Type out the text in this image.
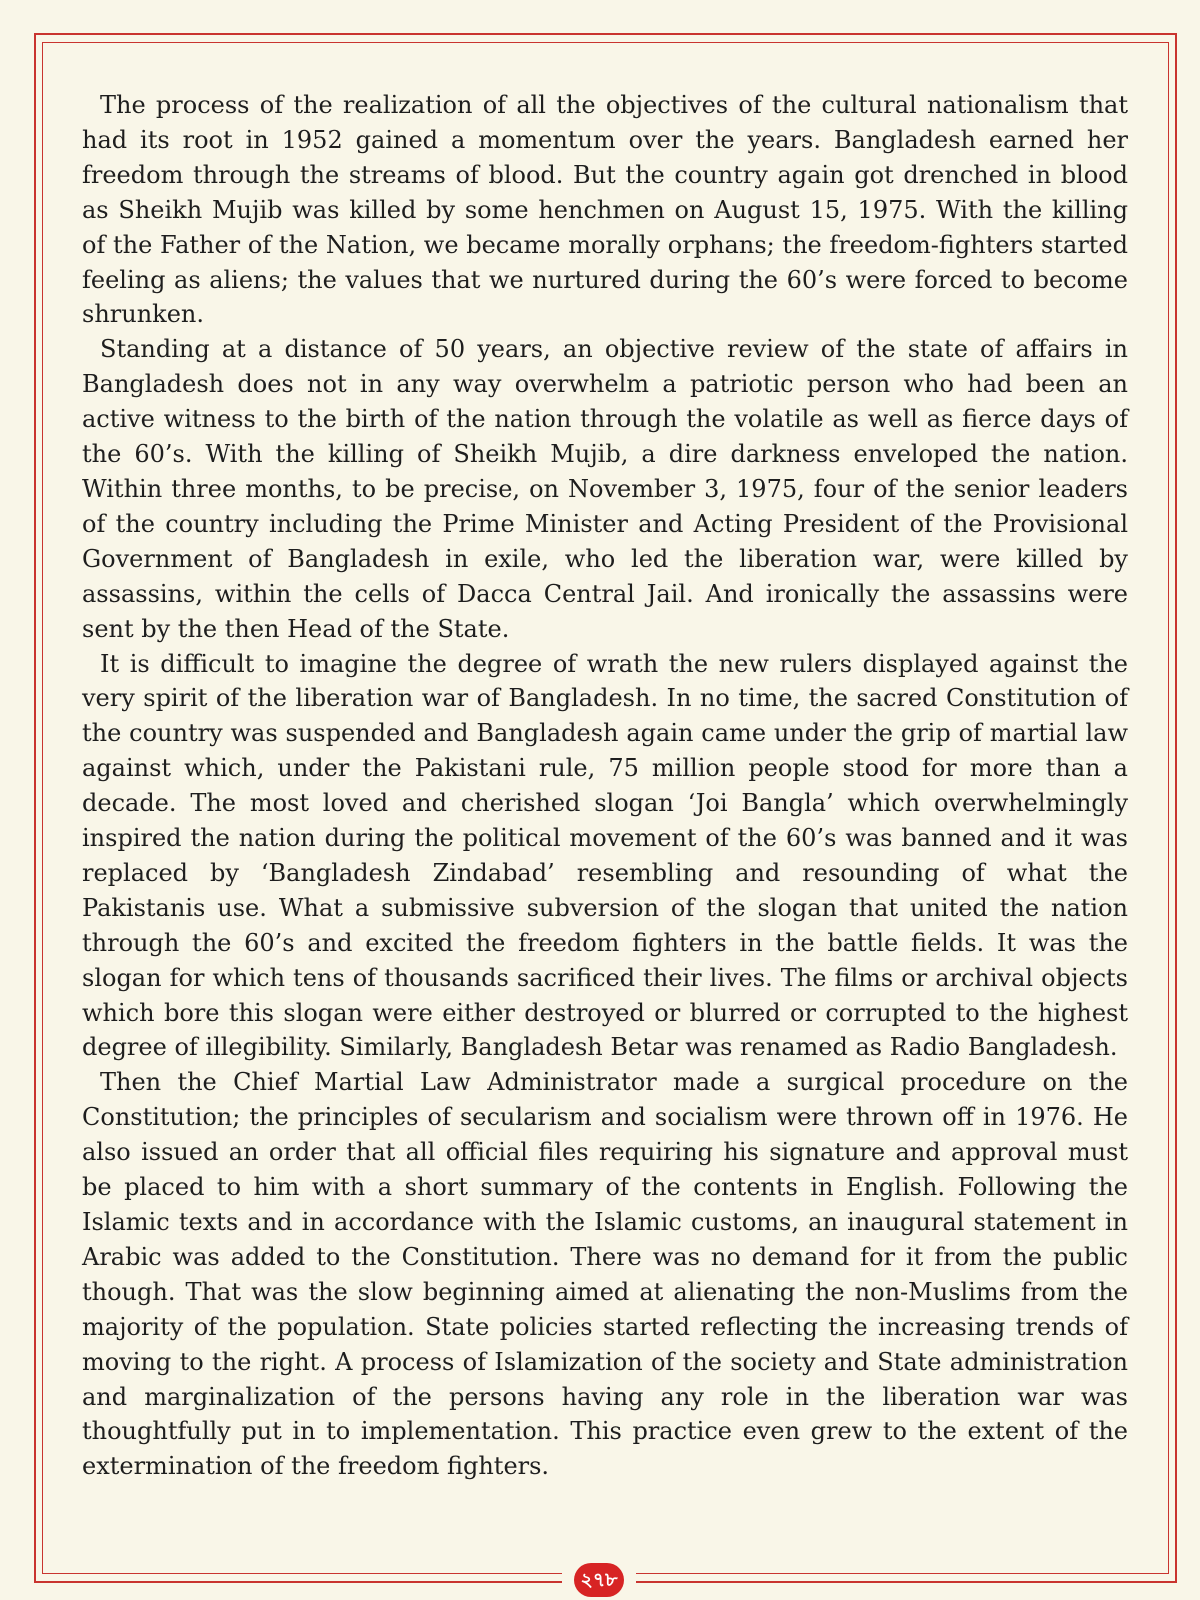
The process of the realization of all the objectives of the cultural nationalism that had its root in 1952 gained a momentum over the years. Bangladesh earned her freedom through the streams of blood. But the country again got drenched in blood as Sheikh Mujib was killed by some henchmen on August 15, 1975. With the killing of the Father of the Nation, we became morally orphans; the freedom-fighters started feeling as aliens; the values that we nurtured during the 60’s were forced to become shrunken.

Standing at a distance of 50 years, an objective review of the state of affairs in Bangladesh does not in any way overwhelm a patriotic person who had been an active witness to the birth of the nation through the volatile as well as fierce days of the 60’s. With the killing of Sheikh Mujib, a dire darkness enveloped the nation. Within three months, to be precise, on November 3, 1975, four of the senior leaders of the country including the Prime Minister and Acting President of the Provisional Government of Bangladesh in exile, who led the liberation war, were killed by assassins, within the cells of Dacca Central Jail. And ironically the assassins were sent by the then Head of the State.

It is difficult to imagine the degree of wrath the new rulers displayed against the very spirit of the liberation war of Bangladesh. In no time, the sacred Constitution of the country was suspended and Bangladesh again came under the grip of martial law against which, under the Pakistani rule, 75 million people stood for more than a decade. The most loved and cherished slogan ‘Joi Bangla’ which overwhelmingly inspired the nation during the political movement of the 60’s was banned and it was replaced by ‘Bangladesh Zindabad’ resembling and resounding of what the Pakistanis use. What a submissive subversion of the slogan that united the nation through the 60’s and excited the freedom fighters in the battle fields. It was the slogan for which tens of thousands sacrificed their lives. The films or archival objects which bore this slogan were either destroyed or blurred or corrupted to the highest degree of illegibility. Similarly, Bangladesh Betar was renamed as Radio Bangladesh.

Then the Chief Martial Law Administrator made a surgical procedure on the Constitution; the principles of secularism and socialism were thrown off in 1976. He also issued an order that all official files requiring his signature and approval must be placed to him with a short summary of the contents in English. Following the Islamic texts and in accordance with the Islamic customs, an inaugural statement in Arabic was added to the Constitution. There was no demand for it from the public though. That was the slow beginning aimed at alienating the non-Muslims from the majority of the population. State policies started reflecting the increasing trends of moving to the right. A process of Islamization of the society and State administration and marginalization of the persons having any role in the liberation war was thoughtfully put in to implementation. This practice even grew to the extent of the extermination of the freedom fighters.

২৭৮
